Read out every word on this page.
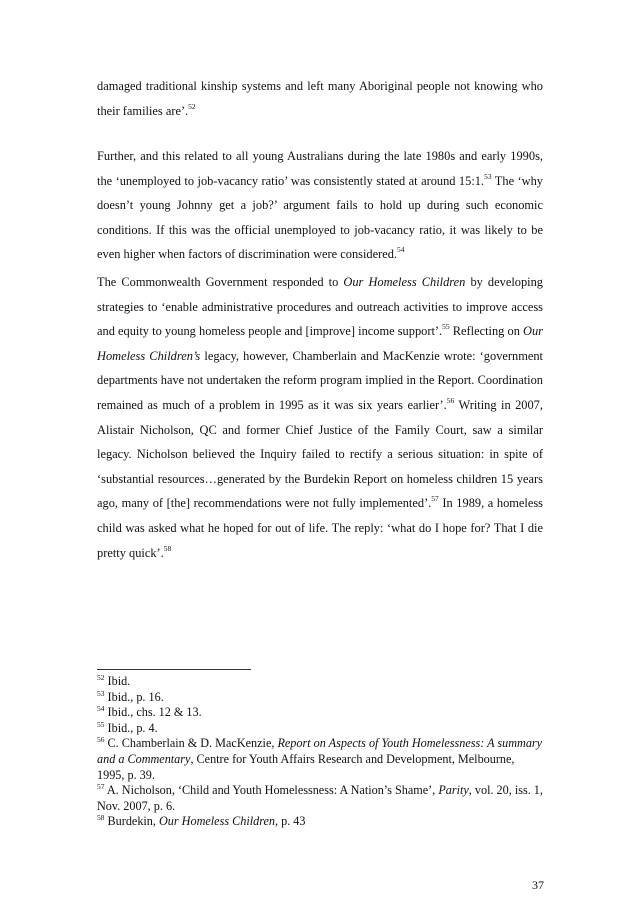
damaged traditional kinship systems and left many Aboriginal people not knowing who their families are’.$^{52}$

Further, and this related to all young Australians during the late 1980s and early 1990s, the ‘unemployed to job-vacancy ratio’ was consistently stated at around 15:1.53 The ‘why doesn’t young Johnny get a job?’ argument fails to hold up during such economic conditions. If this was the official unemployed to job-vacancy ratio, it was likely to be even higher when factors of discrimination were considered.$^{54}$

The Commonwealth Government responded to Our Homeless Children by developing strategies to ‘enable administrative procedures and outreach activities to improve access and equity to young homeless people and [improve] income support’.$^{55}$ Reflecting on Our Homeless Children’s legacy, however, Chamberlain and MacKenzie wrote: ‘government departments have not undertaken the reform program implied in the Report. Coordination remained as much of a problem in 1995 as it was six years earlier’.$^{56}$ Writing in 2007, Alistair Nicholson, QC and former Chief Justice of the Family Court, saw a similar legacy. Nicholson believed the Inquiry failed to rectify a serious situation: in spite of ‘substantial resources…generated by the Burdekin Report on homeless children 15 years ago, many of [the] recommendations were not fully implemented’.$^{57}$ In 1989, a homeless child was asked what he hoped for out of life. The reply: ‘what do I hope for? That I die pretty quick’.$^{58}$

$^{52}$ Ibid.

$^{53}$ Ibid., p. 16.

$^{54}$ Ibid., chs. 12 & 13.

$^{55}$ Ibid., p. 4.

$^{56}$ C. Chamberlain & D. MacKenzie, Report on Aspects of Youth Homelessness: A summary and a Commentary, Centre for Youth Affairs Research and Development, Melbourne, 1995, p. 39.

$^{57}$ A. Nicholson, ‘Child and Youth Homelessness: A Nation’s Shame’, Parity, vol. 20, iss. 1, Nov. 2007, p. 6.

$^{58}$ Burdekin, Our Homeless Children, p. 43

37
